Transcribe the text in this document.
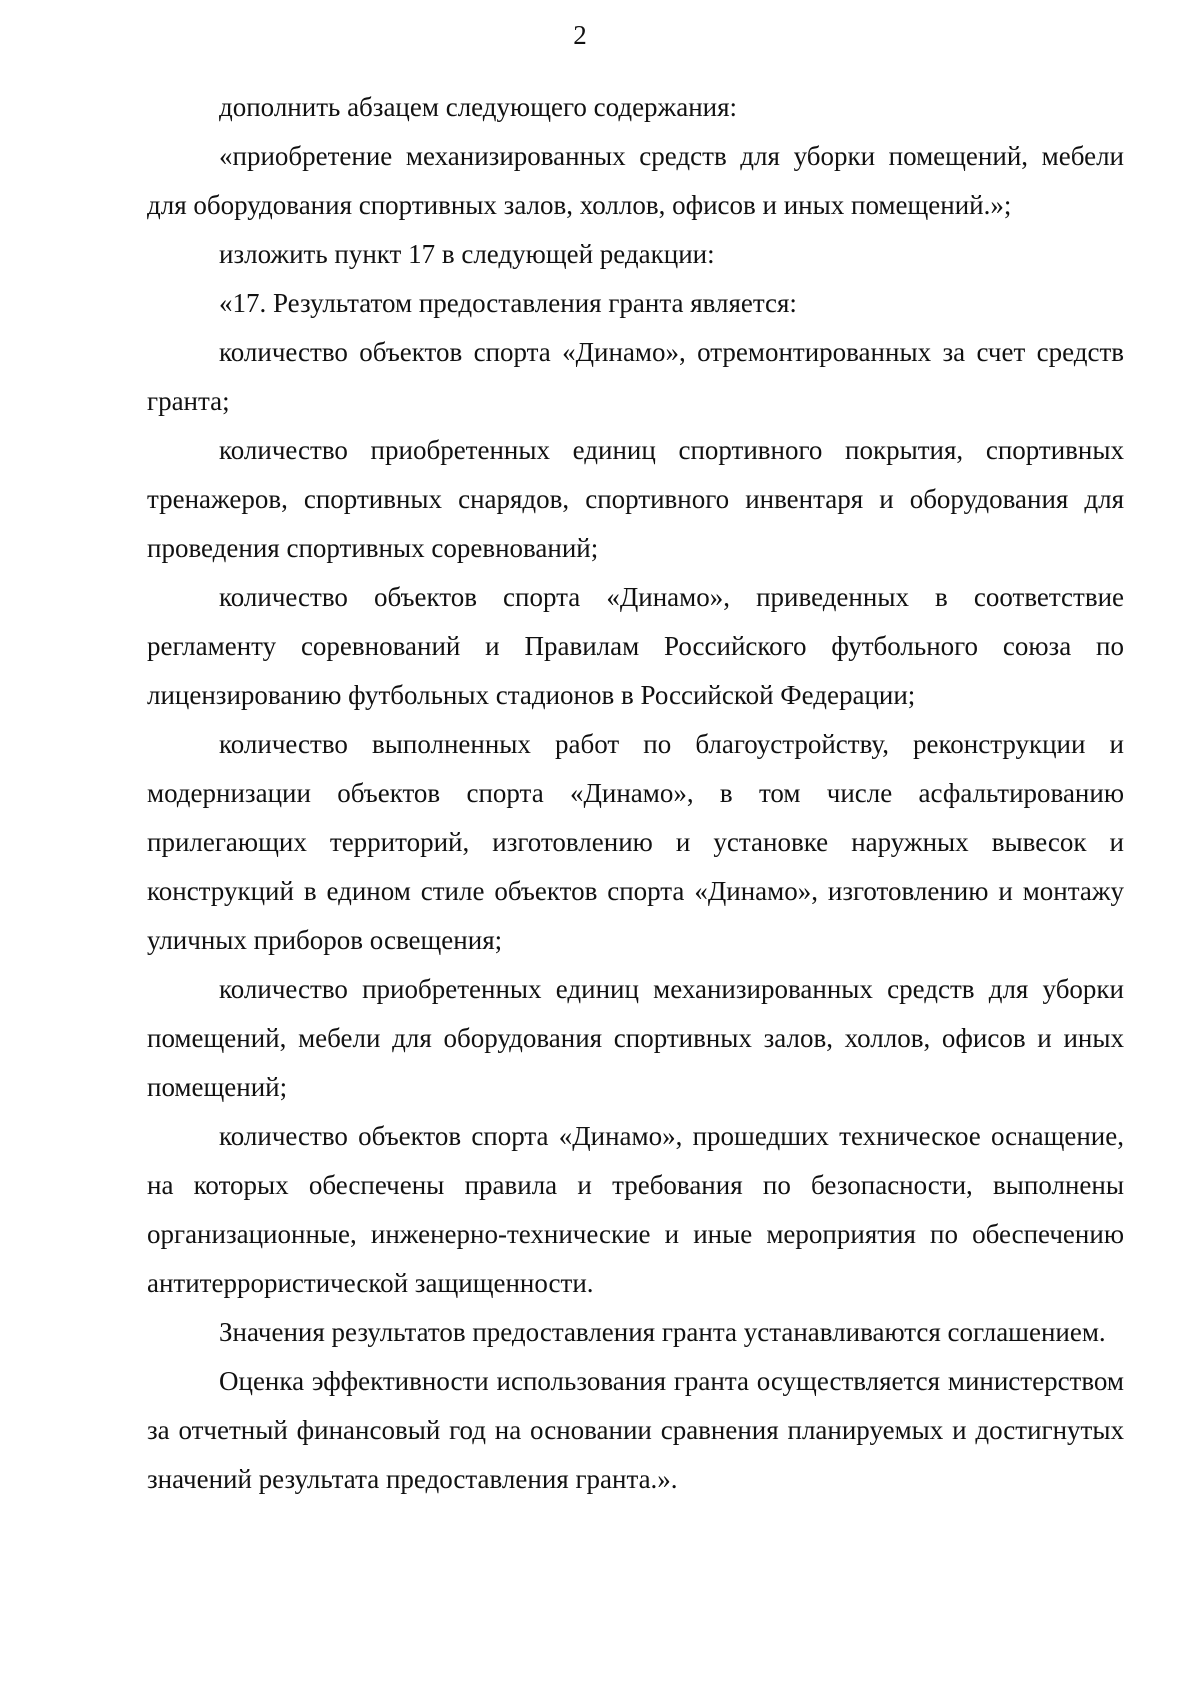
2

дополнить абзацем следующего содержания:

«приобретение механизированных средств для уборки помещений, мебели для оборудования спортивных залов, холлов, офисов и иных помещений.»;

изложить пункт 17 в следующей редакции:

«17. Результатом предоставления гранта является:

количество объектов спорта «Динамо», отремонтированных за счет средств гранта;

количество приобретенных единиц спортивного покрытия, спортивных тренажеров, спортивных снарядов, спортивного инвентаря и оборудования для проведения спортивных соревнований;

количество объектов спорта «Динамо», приведенных в соответствие регламенту соревнований и Правилам Российского футбольного союза по лицензированию футбольных стадионов в Российской Федерации;

количество выполненных работ по благоустройству, реконструкции и модернизации объектов спорта «Динамо», в том числе асфальтированию прилегающих территорий, изготовлению и установке наружных вывесок и конструкций в едином стиле объектов спорта «Динамо», изготовлению и монтажу уличных приборов освещения;

количество приобретенных единиц механизированных средств для уборки помещений, мебели для оборудования спортивных залов, холлов, офисов и иных помещений;

количество объектов спорта «Динамо», прошедших техническое оснащение, на которых обеспечены правила и требования по безопасности, выполнены организационные, инженерно-технические и иные мероприятия по обеспечению антитеррористической защищенности.

Значения результатов предоставления гранта устанавливаются соглашением.

Оценка эффективности использования гранта осуществляется министерством за отчетный финансовый год на основании сравнения планируемых и достигнутых значений результата предоставления гранта.».
